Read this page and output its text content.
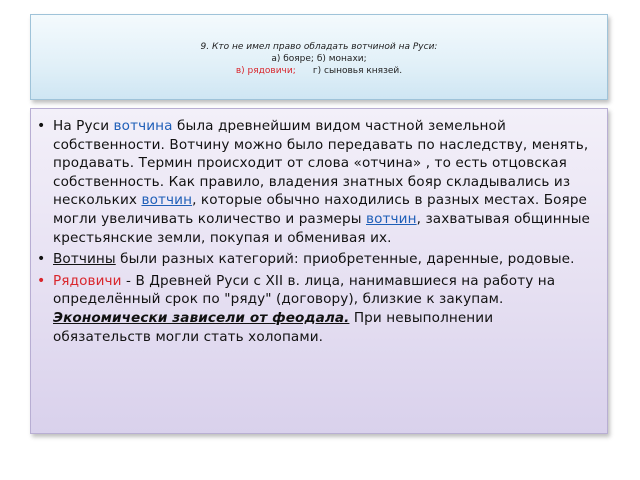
9. Кто не имел право обладать вотчиной на Руси:
а) бояре; б) монахи;
в) рядовичи; г) сыновья князей.
• На Руси вотчина была древнейшим видом частной земельной собственности. Вотчину можно было передавать по наследству, менять, продавать. Термин происходит от слова «отчина» , то есть отцовская собственность. Как правило, владения знатных бояр складывались из нескольких вотчин, которые обычно находились в разных местах. Бояре могли увеличивать количество и размеры вотчин, захватывая общинные крестьянские земли, покупая и обменивая их.
• Вотчины были разных категорий: приобретенные, даренные, родовые.
• Рядовичи - В Древней Руси с XII в. лица, нанимавшиеся на работу на определённый срок по "ряду" (договору), близкие к закупам. Экономически зависели от феодала. При невыполнении обязательств могли стать холопами.
